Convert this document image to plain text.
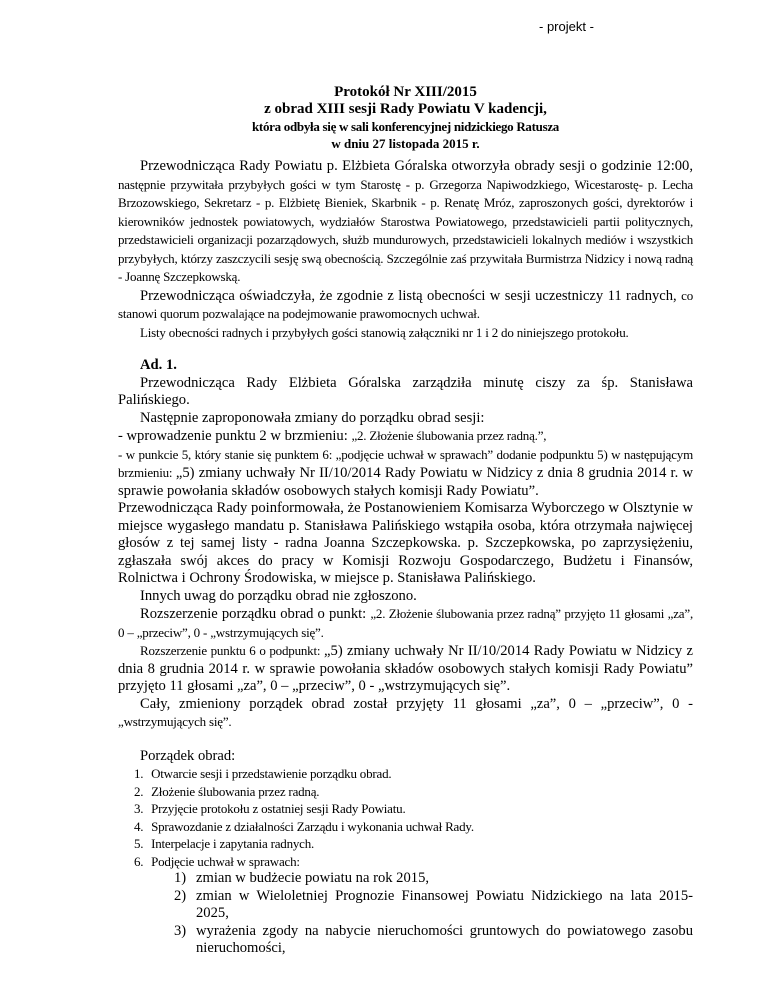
- projekt -
Protokół Nr XIII/2015
z obrad XIII sesji Rady Powiatu V kadencji,
która odbyła się w sali konferencyjnej nidzickiego Ratusza
w dniu 27 listopada 2015 r.

Przewodnicząca Rady Powiatu p. Elżbieta Góralska otworzyła obrady sesji o godzinie 12:00, następnie przywitała przybyłych gości w tym Starostę - p. Grzegorza Napiwodzkiego, Wicestarostę- p. Lecha Brzozowskiego, Sekretarz - p. Elżbietę Bieniek, Skarbnik - p. Renatę Mróz, zaproszonych gości, dyrektorów i kierowników jednostek powiatowych, wydziałów Starostwa Powiatowego, przedstawicieli partii politycznych, przedstawicieli organizacji pozarządowych, służb mundurowych, przedstawicieli lokalnych mediów i wszystkich przybyłych, którzy zaszczycili sesję swą obecnością. Szczególnie zaś przywitała Burmistrza Nidzicy i nową radną - Joannę Szczepkowską.

Przewodnicząca oświadczyła, że zgodnie z listą obecności w sesji uczestniczy 11 radnych, co stanowi quorum pozwalające na podejmowanie prawomocnych uchwał.

Listy obecności radnych i przybyłych gości stanowią załączniki nr 1 i 2 do niniejszego protokołu.

Ad. 1.

Przewodnicząca Rady Elżbieta Góralska zarządziła minutę ciszy za śp. Stanisława Palińskiego.

Następnie zaproponowała zmiany do porządku obrad sesji:

- wprowadzenie punktu 2 w brzmieniu: „2. Złożenie ślubowania przez radną.”,

- w punkcie 5, który stanie się punktem 6: „podjęcie uchwał w sprawach” dodanie podpunktu 5) w następującym brzmieniu: „5) zmiany uchwały Nr II/10/2014 Rady Powiatu w Nidzicy z dnia 8 grudnia 2014 r. w sprawie powołania składów osobowych stałych komisji Rady Powiatu”.

Przewodnicząca Rady poinformowała, że Postanowieniem Komisarza Wyborczego w Olsztynie w miejsce wygasłego mandatu p. Stanisława Palińskiego wstąpiła osoba, która otrzymała najwięcej głosów z tej samej listy - radna Joanna Szczepkowska. p. Szczepkowska, po zaprzysiężeniu, zgłaszała swój akces do pracy w Komisji Rozwoju Gospodarczego, Budżetu i Finansów, Rolnictwa i Ochrony Środowiska, w miejsce p. Stanisława Palińskiego.

Innych uwag do porządku obrad nie zgłoszono.

Rozszerzenie porządku obrad o punkt: „2. Złożenie ślubowania przez radną” przyjęto 11 głosami „za”, 0 – „przeciw”, 0 - „wstrzymujących się”.

Rozszerzenie punktu 6 o podpunkt: „5) zmiany uchwały Nr II/10/2014 Rady Powiatu w Nidzicy z dnia 8 grudnia 2014 r. w sprawie powołania składów osobowych stałych komisji Rady Powiatu” przyjęto 11 głosami „za”, 0 – „przeciw”, 0 - „wstrzymujących się”.

Cały, zmieniony porządek obrad został przyjęty 11 głosami „za”, 0 – „przeciw”, 0 - „wstrzymujących się”.

Porządek obrad:

1. Otwarcie sesji i przedstawienie porządku obrad.
2. Złożenie ślubowania przez radną.
3. Przyjęcie protokołu z ostatniej sesji Rady Powiatu.
4. Sprawozdanie z działalności Zarządu i wykonania uchwał Rady.
5. Interpelacje i zapytania radnych.
6. Podjęcie uchwał w sprawach:
1) zmian w budżecie powiatu na rok 2015,
2) zmian w Wieloletniej Prognozie Finansowej Powiatu Nidzickiego na lata 2015-2025,
3) wyrażenia zgody na nabycie nieruchomości gruntowych do powiatowego zasobu nieruchomości,
